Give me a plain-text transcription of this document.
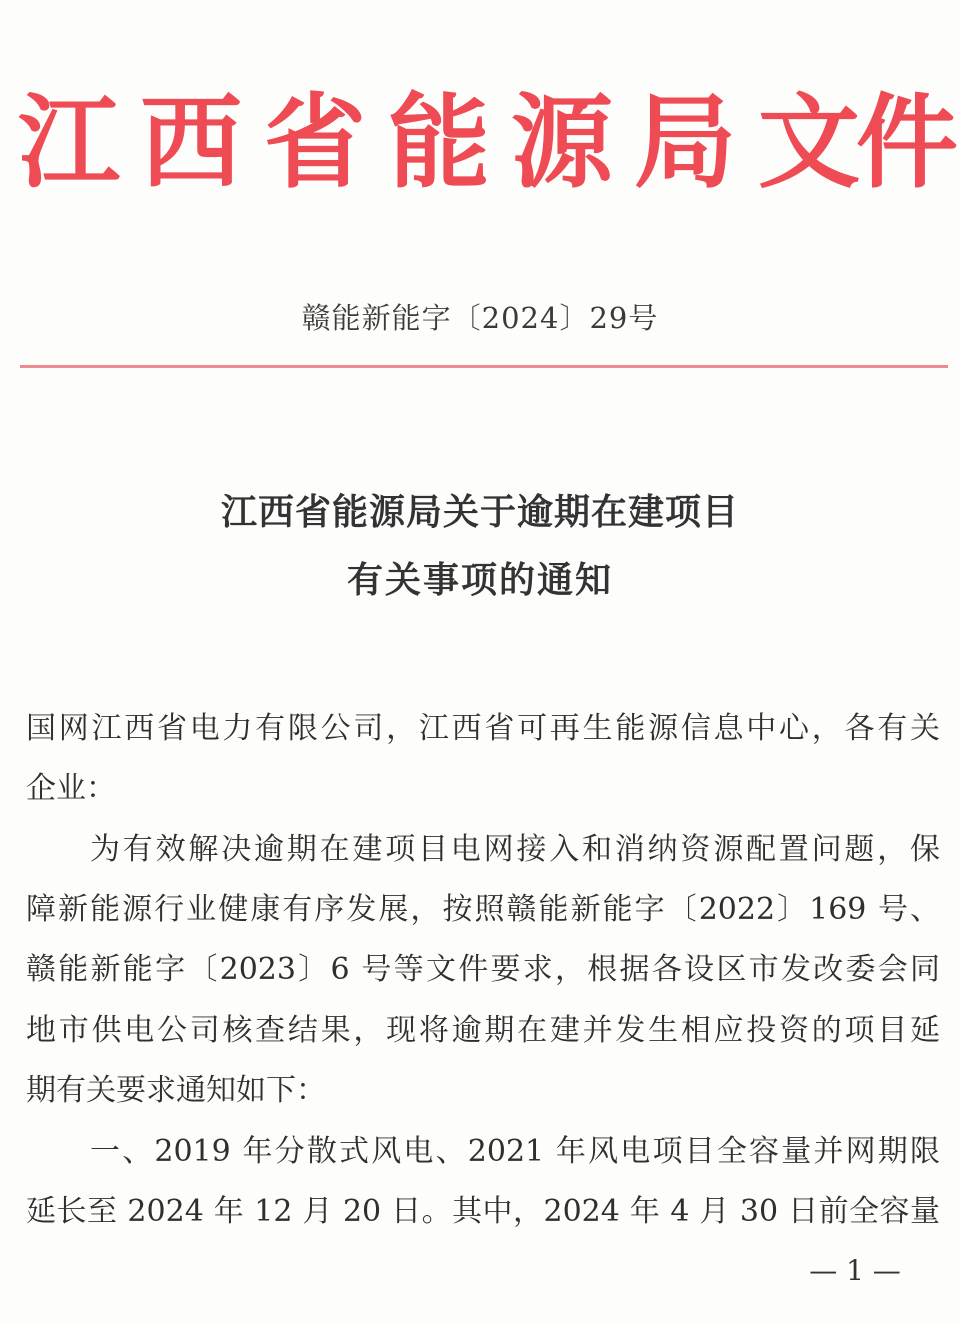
江 西 省 能 源 局 文
件
赣能新能字〔2024〕29号
江西省能源局关于逾期在建项目
有关事项的通知
国网江西省电力有限公司，江西省可再生能源信息中心，各有关
企业：
为有效解决逾期在建项目电网接入和消纳资源配置问题，保
障新能源行业健康有序发展，按照赣能新能字〔2022〕169 号、
赣能新能字〔2023〕6 号等文件要求，根据各设区市发改委会同
地市供电公司核查结果，现将逾期在建并发生相应投资的项目延
期有关要求通知如下：
一、2019 年分散式风电、2021 年风电项目全容量并网期限
延长至 2024 年 12 月 20 日。其中，2024 年 4 月 30 日前全容量
— 1 —
